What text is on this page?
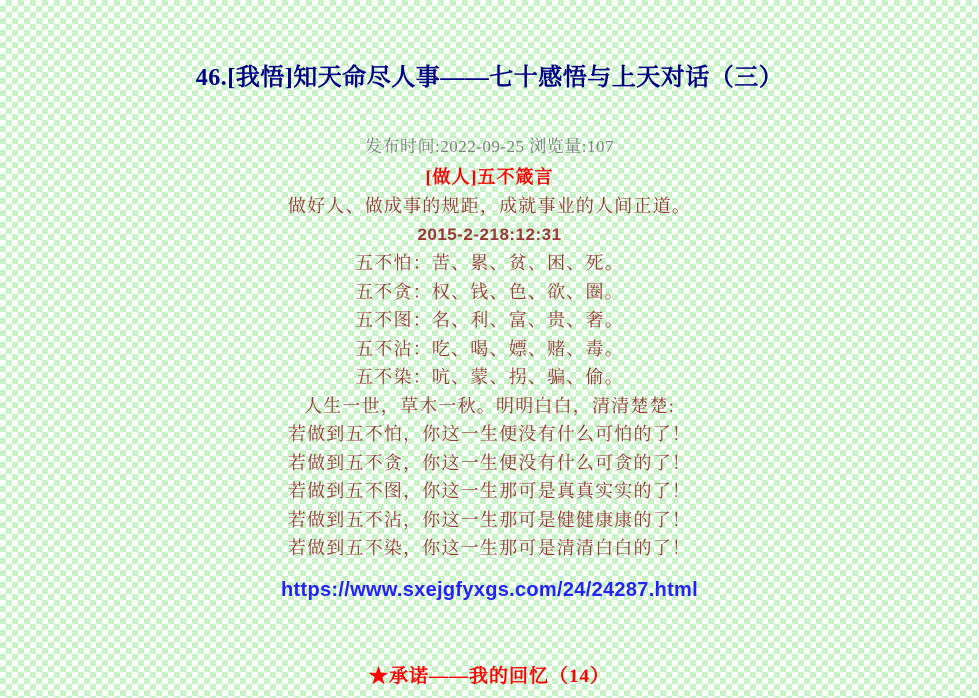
46.[我悟]知天命尽人事——七十感悟与上天对话（三）
发布时间:2022-09-25 浏览量:107
[做人]五不箴言

做好人、做成事的规距，成就事业的人间正道。

2015-2-218:12:31

五不怕：苦、累、贫、困、死。

五不贪：权、钱、色、欲、圈。

五不图：名、利、富、贵、奢。

五不沾：吃、喝、嫖、赌、毒。

五不染：吭、蒙、拐、骗、偷。

人生一世，草木一秋。明明白白，清清楚楚:

若做到五不怕，你这一生便没有什么可怕的了！

若做到五不贪，你这一生便没有什么可贪的了！

若做到五不图，你这一生那可是真真实实的了！

若做到五不沾，你这一生那可是健健康康的了！

若做到五不染，你这一生那可是清清白白的了！

https://www.sxejgfyxgs.com/24/24287.html
★承诺——我的回忆（14）
